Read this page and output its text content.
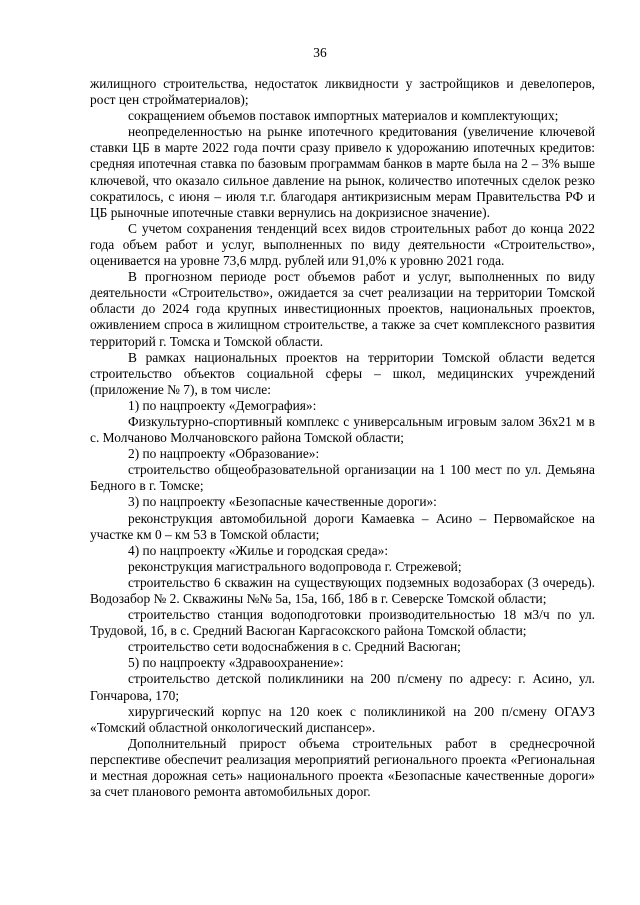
36

жилищного строительства, недостаток ликвидности у застройщиков и девелоперов, рост цен стройматериалов);

сокращением объемов поставок импортных материалов и комплектующих;

неопределенностью на рынке ипотечного кредитования (увеличение ключевой ставки ЦБ в марте 2022 года почти сразу привело к удорожанию ипотечных кредитов: средняя ипотечная ставка по базовым программам банков в марте была на 2 – 3% выше ключевой, что оказало сильное давление на рынок, количество ипотечных сделок резко сократилось, с июня – июля т.г. благодаря антикризисным мерам Правительства РФ и ЦБ рыночные ипотечные ставки вернулись на докризисное значение).

С учетом сохранения тенденций всех видов строительных работ до конца 2022 года объем работ и услуг, выполненных по виду деятельности «Строительство», оценивается на уровне 73,6 млрд. рублей или 91,0% к уровню 2021 года.

В прогнозном периоде рост объемов работ и услуг, выполненных по виду деятельности «Строительство», ожидается за счет реализации на территории Томской области до 2024 года крупных инвестиционных проектов, национальных проектов, оживлением спроса в жилищном строительстве, а также за счет комплексного развития территорий г. Томска и Томской области.

В рамках национальных проектов на территории Томской области ведется строительство объектов социальной сферы – школ, медицинских учреждений (приложение № 7), в том числе:

1) по нацпроекту «Демография»:

Физкультурно-спортивный комплекс с универсальным игровым залом 36х21 м в с. Молчаново Молчановского района Томской области;

2) по нацпроекту «Образование»:

строительство общеобразовательной организации на 1 100 мест по ул. Демьяна Бедного в г. Томске;

3) по нацпроекту «Безопасные качественные дороги»:

реконструкция автомобильной дороги Камаевка – Асино – Первомайское на участке км 0 – км 53 в Томской области;

4) по нацпроекту «Жилье и городская среда»:

реконструкция магистрального водопровода г. Стрежевой;

строительство 6 скважин на существующих подземных водозаборах (3 очередь). Водозабор № 2. Скважины №№ 5а, 15а, 16б, 18б в г. Северске Томской области;

строительство станция водоподготовки производительностью 18 м3/ч по ул. Трудовой, 1б, в с. Средний Васюган Каргасокского района Томской области;

строительство сети водоснабжения в с. Средний Васюган;

5) по нацпроекту «Здравоохранение»:

строительство детской поликлиники на 200 п/смену по адресу: г. Асино, ул. Гончарова, 170;

хирургический корпус на 120 коек с поликлиникой на 200 п/смену ОГАУЗ «Томский областной онкологический диспансер».

Дополнительный прирост объема строительных работ в среднесрочной перспективе обеспечит реализация мероприятий регионального проекта «Региональная и местная дорожная сеть» национального проекта «Безопасные качественные дороги» за счет планового ремонта автомобильных дорог.
